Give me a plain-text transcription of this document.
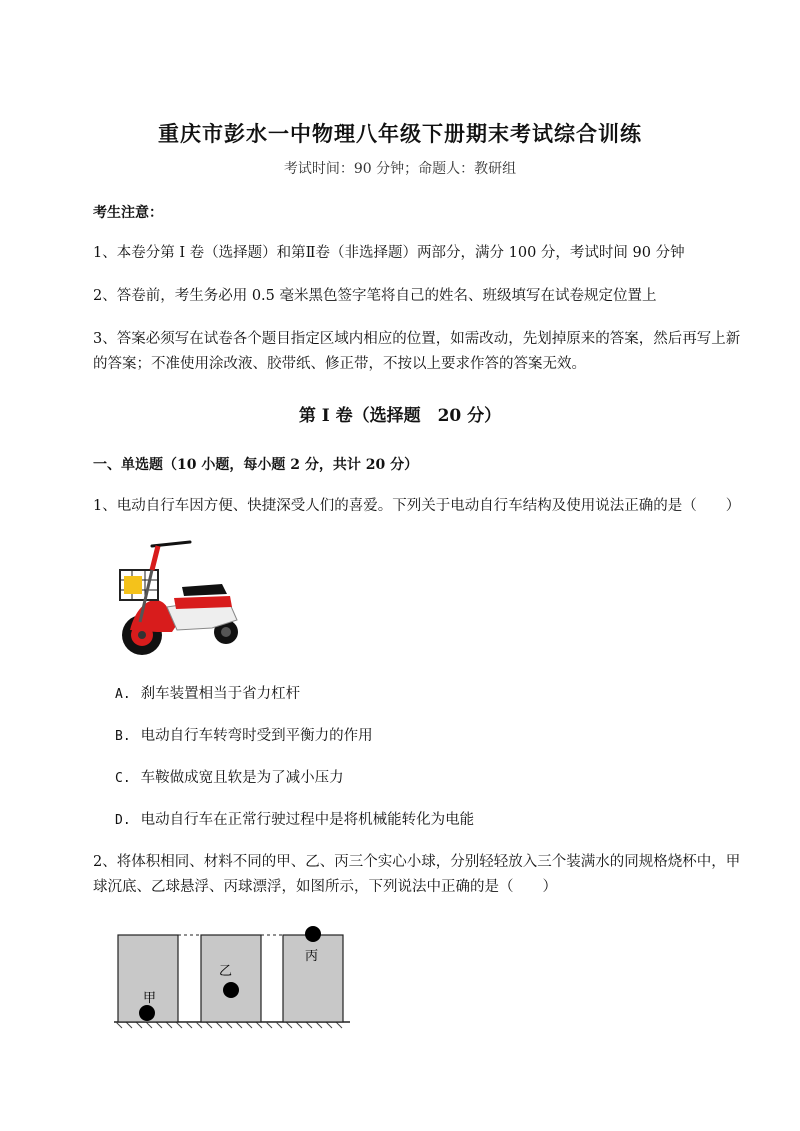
重庆市彭水一中物理八年级下册期末考试综合训练
考试时间：90 分钟；命题人：教研组
考生注意：
1、本卷分第 I 卷（选择题）和第Ⅱ卷（非选择题）两部分，满分 100 分，考试时间 90 分钟
2、答卷前，考生务必用 0.5 毫米黑色签字笔将自己的姓名、班级填写在试卷规定位置上
3、答案必须写在试卷各个题目指定区域内相应的位置，如需改动，先划掉原来的答案，然后再写上新
的答案；不准使用涂改液、胶带纸、修正带，不按以上要求作答的答案无效。
第 I 卷（选择题　20 分）
一、单选题（10 小题，每小题 2 分，共计 20 分）
1、电动自行车因方便、快捷深受人们的喜爱。下列关于电动自行车结构及使用说法正确的是（　　）
A. 刹车装置相当于省力杠杆
B. 电动自行车转弯时受到平衡力的作用
C. 车鞍做成宽且软是为了减小压力
D. 电动自行车在正常行驶过程中是将机械能转化为电能
2、将体积相同、材料不同的甲、乙、丙三个实心小球，分别轻轻放入三个装满水的同规格烧杯中，甲
球沉底、乙球悬浮、丙球漂浮，如图所示，下列说法中正确的是（　　）
甲
乙
丙
